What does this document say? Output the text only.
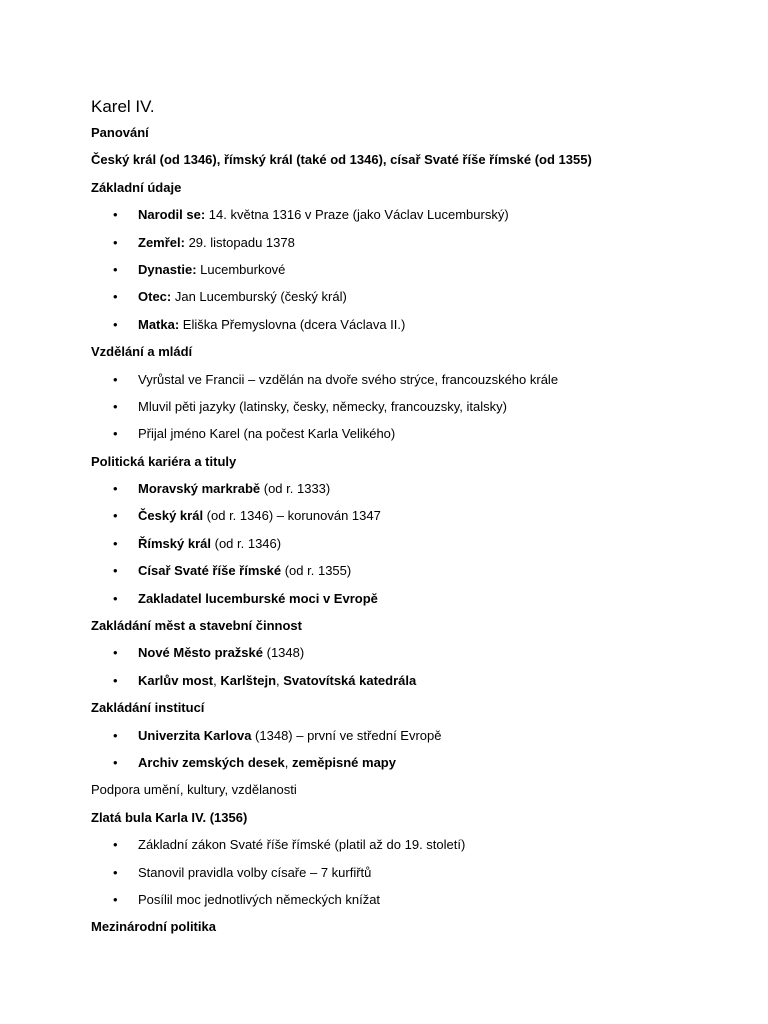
Karel IV.
Panování
Český král (od 1346), římský král (také od 1346), císař Svaté říše římské (od 1355)
Základní údaje
• Narodil se: 14. května 1316 v Praze (jako Václav Lucemburský)
• Zemřel: 29. listopadu 1378
• Dynastie: Lucemburkové
• Otec: Jan Lucemburský (český král)
• Matka: Eliška Přemyslovna (dcera Václava II.)
Vzdělání a mládí
• Vyrůstal ve Francii – vzdělán na dvoře svého strýce, francouzského krále
• Mluvil pěti jazyky (latinsky, česky, německy, francouzsky, italsky)
• Přijal jméno Karel (na počest Karla Velikého)
Politická kariéra a tituly
• Moravský markrabě (od r. 1333)
• Český král (od r. 1346) – korunován 1347
• Římský král (od r. 1346)
• Císař Svaté říše římské (od r. 1355)
• Zakladatel lucemburské moci v Evropě
Zakládání měst a stavební činnost
• Nové Město pražské (1348)
• Karlův most, Karlštejn, Svatovítská katedrála
Zakládání institucí
• Univerzita Karlova (1348) – první ve střední Evropě
• Archiv zemských desek, zeměpisné mapy
Podpora umění, kultury, vzdělanosti
Zlatá bula Karla IV. (1356)
• Základní zákon Svaté říše římské (platil až do 19. století)
• Stanovil pravidla volby císaře – 7 kurfiřtů
• Posílil moc jednotlivých německých knížat
Mezinárodní politika
